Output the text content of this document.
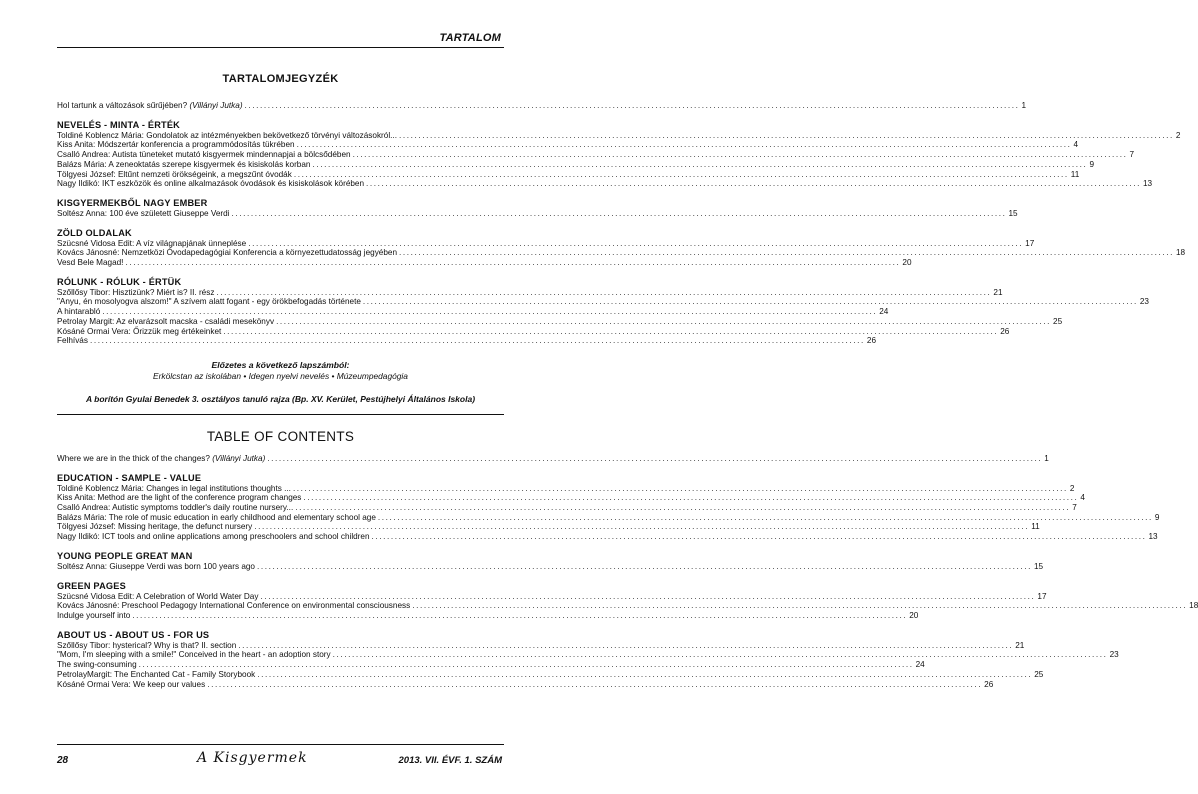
TARTALOM
TARTALOMJEGYZÉK
Hol tartunk a változások sűrűjében? (Villányi Jutka) ........................................................................................................................................................................................................ 1
NEVELÉS - MINTA - ÉRTÉK
Toldiné Koblencz Mária: Gondolatok az intézményekben bekövetkező törvényi változásokról... ........................................................................................................................................................................................................ 2
Kiss Anita: Módszertár konferencia a programmódosítás tükrében ........................................................................................................................................................................................................ 4
Csalló Andrea: Autista tüneteket mutató kisgyermek mindennapjai a bölcsődében ........................................................................................................................................................................................................ 7
Balázs Mária: A zeneoktatás szerepe kisgyermek és kisiskolás korban ........................................................................................................................................................................................................ 9
Tölgyesi József: Eltűnt nemzeti örökségeink, a megszűnt óvodák ........................................................................................................................................................................................................ 11
Nagy Ildikó: IKT eszközök és online alkalmazások óvodások és kisiskolások körében ........................................................................................................................................................................................................ 13
KISGYERMEKBŐL NAGY EMBER
Soltész Anna: 100 éve született Giuseppe Verdi ........................................................................................................................................................................................................ 15
ZÖLD OLDALAK
Szücsné Vidosa Edit: A víz világnapjának ünneplése ........................................................................................................................................................................................................ 17
Kovács Jánosné: Nemzetközi Óvodapedagógiai Konferencia a környezettudatosság jegyében ........................................................................................................................................................................................................ 18
Vesd Bele Magad! ........................................................................................................................................................................................................ 20
RÓLUNK - RÓLUK - ÉRTÜK
Szőllősy Tibor: Hisztizünk? Miért is? II. rész ........................................................................................................................................................................................................ 21
"Anyu, én mosolyogva alszom!" A szívem alatt fogant - egy örökbefogadás története ........................................................................................................................................................................................................ 23
A hintarabló ........................................................................................................................................................................................................ 24
Petrolay Margit: Az elvarázsolt macska - családi mesekönyv ........................................................................................................................................................................................................ 25
Kósáné Ormai Vera: Őrizzük meg értékeinket ........................................................................................................................................................................................................ 26
Felhívás ........................................................................................................................................................................................................ 26
Előzetes a következő lapszámból:
Erkölcstan az iskolában • Idegen nyelvi nevelés • Múzeumpedagógia
A borítón Gyulai Benedek 3. osztályos tanuló rajza (Bp. XV. Kerület, Pestújhelyi Általános Iskola)
TABLE OF CONTENTS
Where we are in the thick of the changes? (Villányi Jutka) ........................................................................................................................................................................................................ 1
EDUCATION - SAMPLE - VALUE
Toldiné Koblencz Mária: Changes in legal institutions thoughts ... ........................................................................................................................................................................................................ 2
Kiss Anita: Method are the light of the conference program changes ........................................................................................................................................................................................................ 4
Csalló Andrea: Autistic symptoms toddler's daily routine nursery... ........................................................................................................................................................................................................ 7
Balázs Mária: The role of music education in early childhood and elementary school age ........................................................................................................................................................................................................ 9
Tölgyesi József: Missing heritage, the defunct nursery ........................................................................................................................................................................................................ 11
Nagy Ildikó: ICT tools and online applications among preschoolers and school children ........................................................................................................................................................................................................ 13
YOUNG PEOPLE GREAT MAN
Soltész Anna: Giuseppe Verdi was born 100 years ago ........................................................................................................................................................................................................ 15
GREEN PAGES
Szücsné Vidosa Edit: A Celebration of World Water Day ........................................................................................................................................................................................................ 17
Kovács Jánosné: Preschool Pedagogy International Conference on environmental consciousness ........................................................................................................................................................................................................ 18
Indulge yourself into ........................................................................................................................................................................................................ 20
ABOUT US - ABOUT US - FOR US
Szőllősy Tibor: hysterical? Why is that? II. section ........................................................................................................................................................................................................ 21
"Mom, I'm sleeping with a smile!" Conceived in the heart - an adoption story ........................................................................................................................................................................................................ 23
The swing-consuming ........................................................................................................................................................................................................ 24
PetrolayMargit: The Enchanted Cat - Family Storybook ........................................................................................................................................................................................................ 25
Kósáné Ormai Vera: We keep our values ........................................................................................................................................................................................................ 26
28	A Kisgyermek	2013. VII. ÉVF. 1. SZÁM
